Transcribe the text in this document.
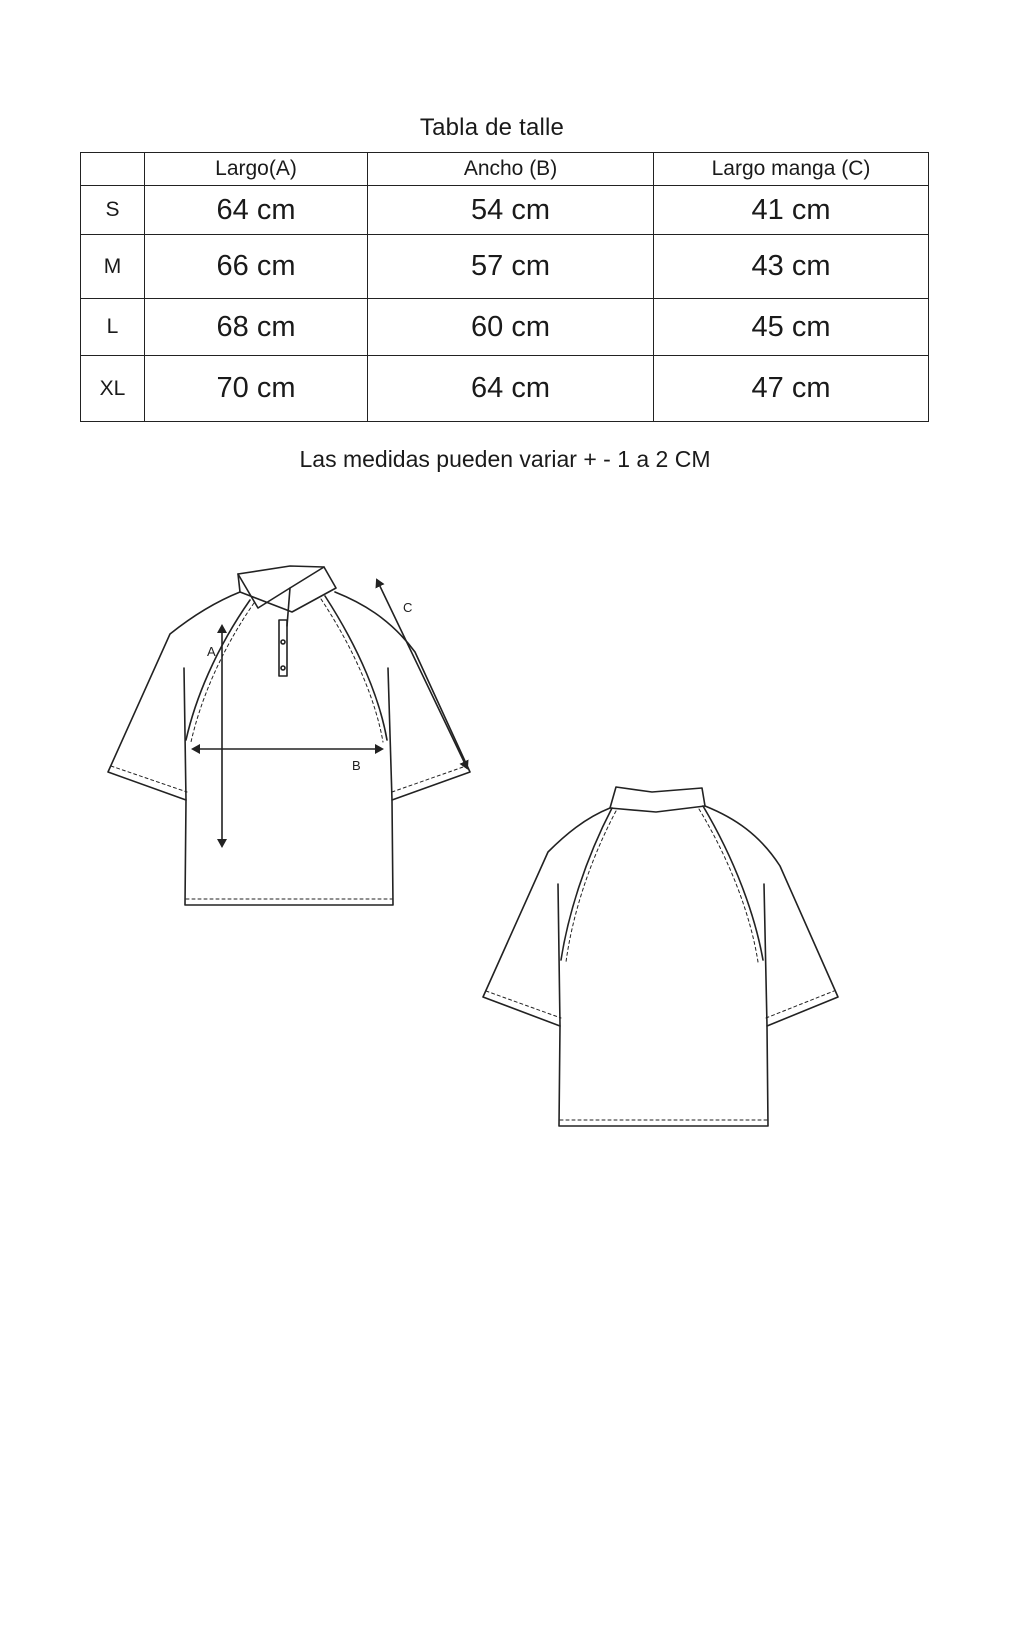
Tabla de talle
	Largo(A)	Ancho (B)	Largo manga (C)
S	64 cm	54 cm	41 cm
M	66 cm	57 cm	43 cm
L	68 cm	60 cm	45 cm
XL	70 cm	64 cm	47 cm
Las medidas pueden variar + - 1 a 2 CM
A
B
C
